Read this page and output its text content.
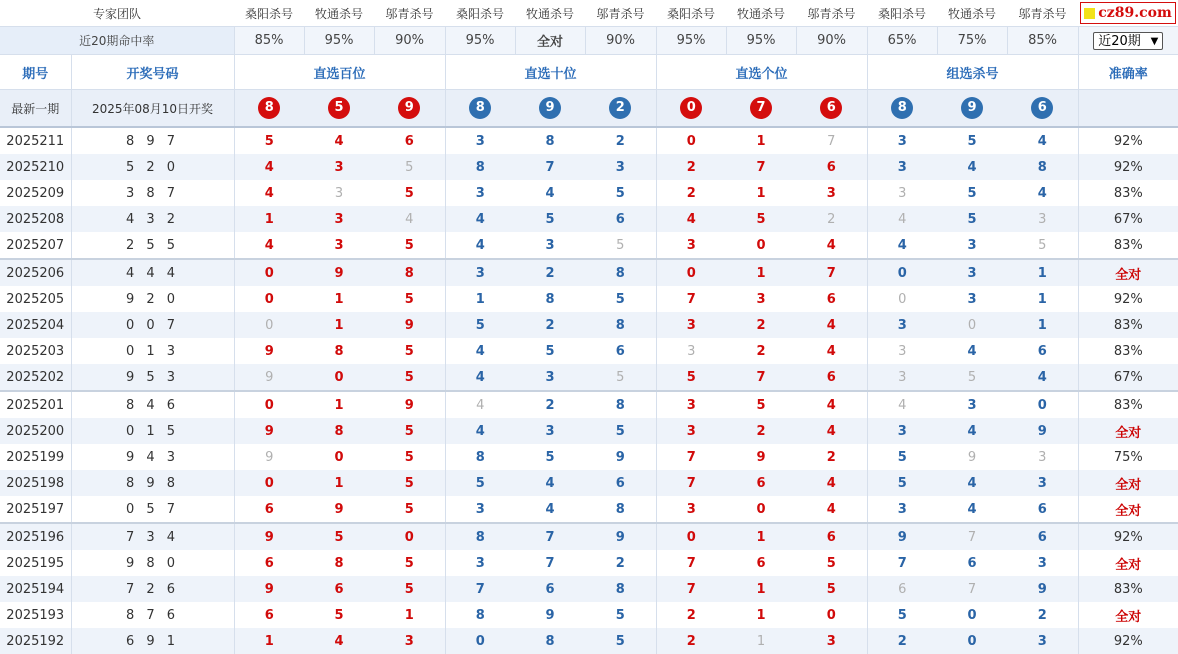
专家团队		桑阳杀号	牧通杀号	邬青杀号	桑阳杀号	牧通杀号	邬青杀号	桑阳杀号	牧通杀号	邬青杀号	桑阳杀号	牧通杀号	邬青杀号	cz89.com

近20期命中率		85%	95%	90%	95%	全对	90%	95%	95%	90%	65%	75%	85%	近20期 ▼

期号	开奖号码	直选百位			直选十位			直选个位			组选杀号			准确率
最新一期	2025年08月10日开奖	8	5	9	8	9	2	0	7	6	8	9	6	
2025211	8 9 7	5	4	6	3	8	2	0	1	7	3	5	4	92%
2025210	5 2 0	4	3	5	8	7	3	2	7	6	3	4	8	92%
2025209	3 8 7	4	3	5	3	4	5	2	1	3	3	5	4	83%
2025208	4 3 2	1	3	4	4	5	6	4	5	2	4	5	3	67%
2025207	2 5 5	4	3	5	4	3	5	3	0	4	4	3	5	83%
2025206	4 4 4	0	9	8	3	2	8	0	1	7	0	3	1	全对
2025205	9 2 0	0	1	5	1	8	5	7	3	6	0	3	1	92%
2025204	0 0 7	0	1	9	5	2	8	3	2	4	3	0	1	83%
2025203	0 1 3	9	8	5	4	5	6	3	2	4	3	4	6	83%
2025202	9 5 3	9	0	5	4	3	5	5	7	6	3	5	4	67%
2025201	8 4 6	0	1	9	4	2	8	3	5	4	4	3	0	83%
2025200	0 1 5	9	8	5	4	3	5	3	2	4	3	4	9	全对
2025199	9 4 3	9	0	5	8	5	9	7	9	2	5	9	3	75%
2025198	8 9 8	0	1	5	5	4	6	7	6	4	5	4	3	全对
2025197	0 5 7	6	9	5	3	4	8	3	0	4	3	4	6	全对
2025196	7 3 4	9	5	0	8	7	9	0	1	6	9	7	6	92%
2025195	9 8 0	6	8	5	3	7	2	7	6	5	7	6	3	全对
2025194	7 2 6	9	6	5	7	6	8	7	1	5	6	7	9	83%
2025193	8 7 6	6	5	1	8	9	5	2	1	0	5	0	2	全对
2025192	6 9 1	1	4	3	0	8	5	2	1	3	2	0	3	92%
